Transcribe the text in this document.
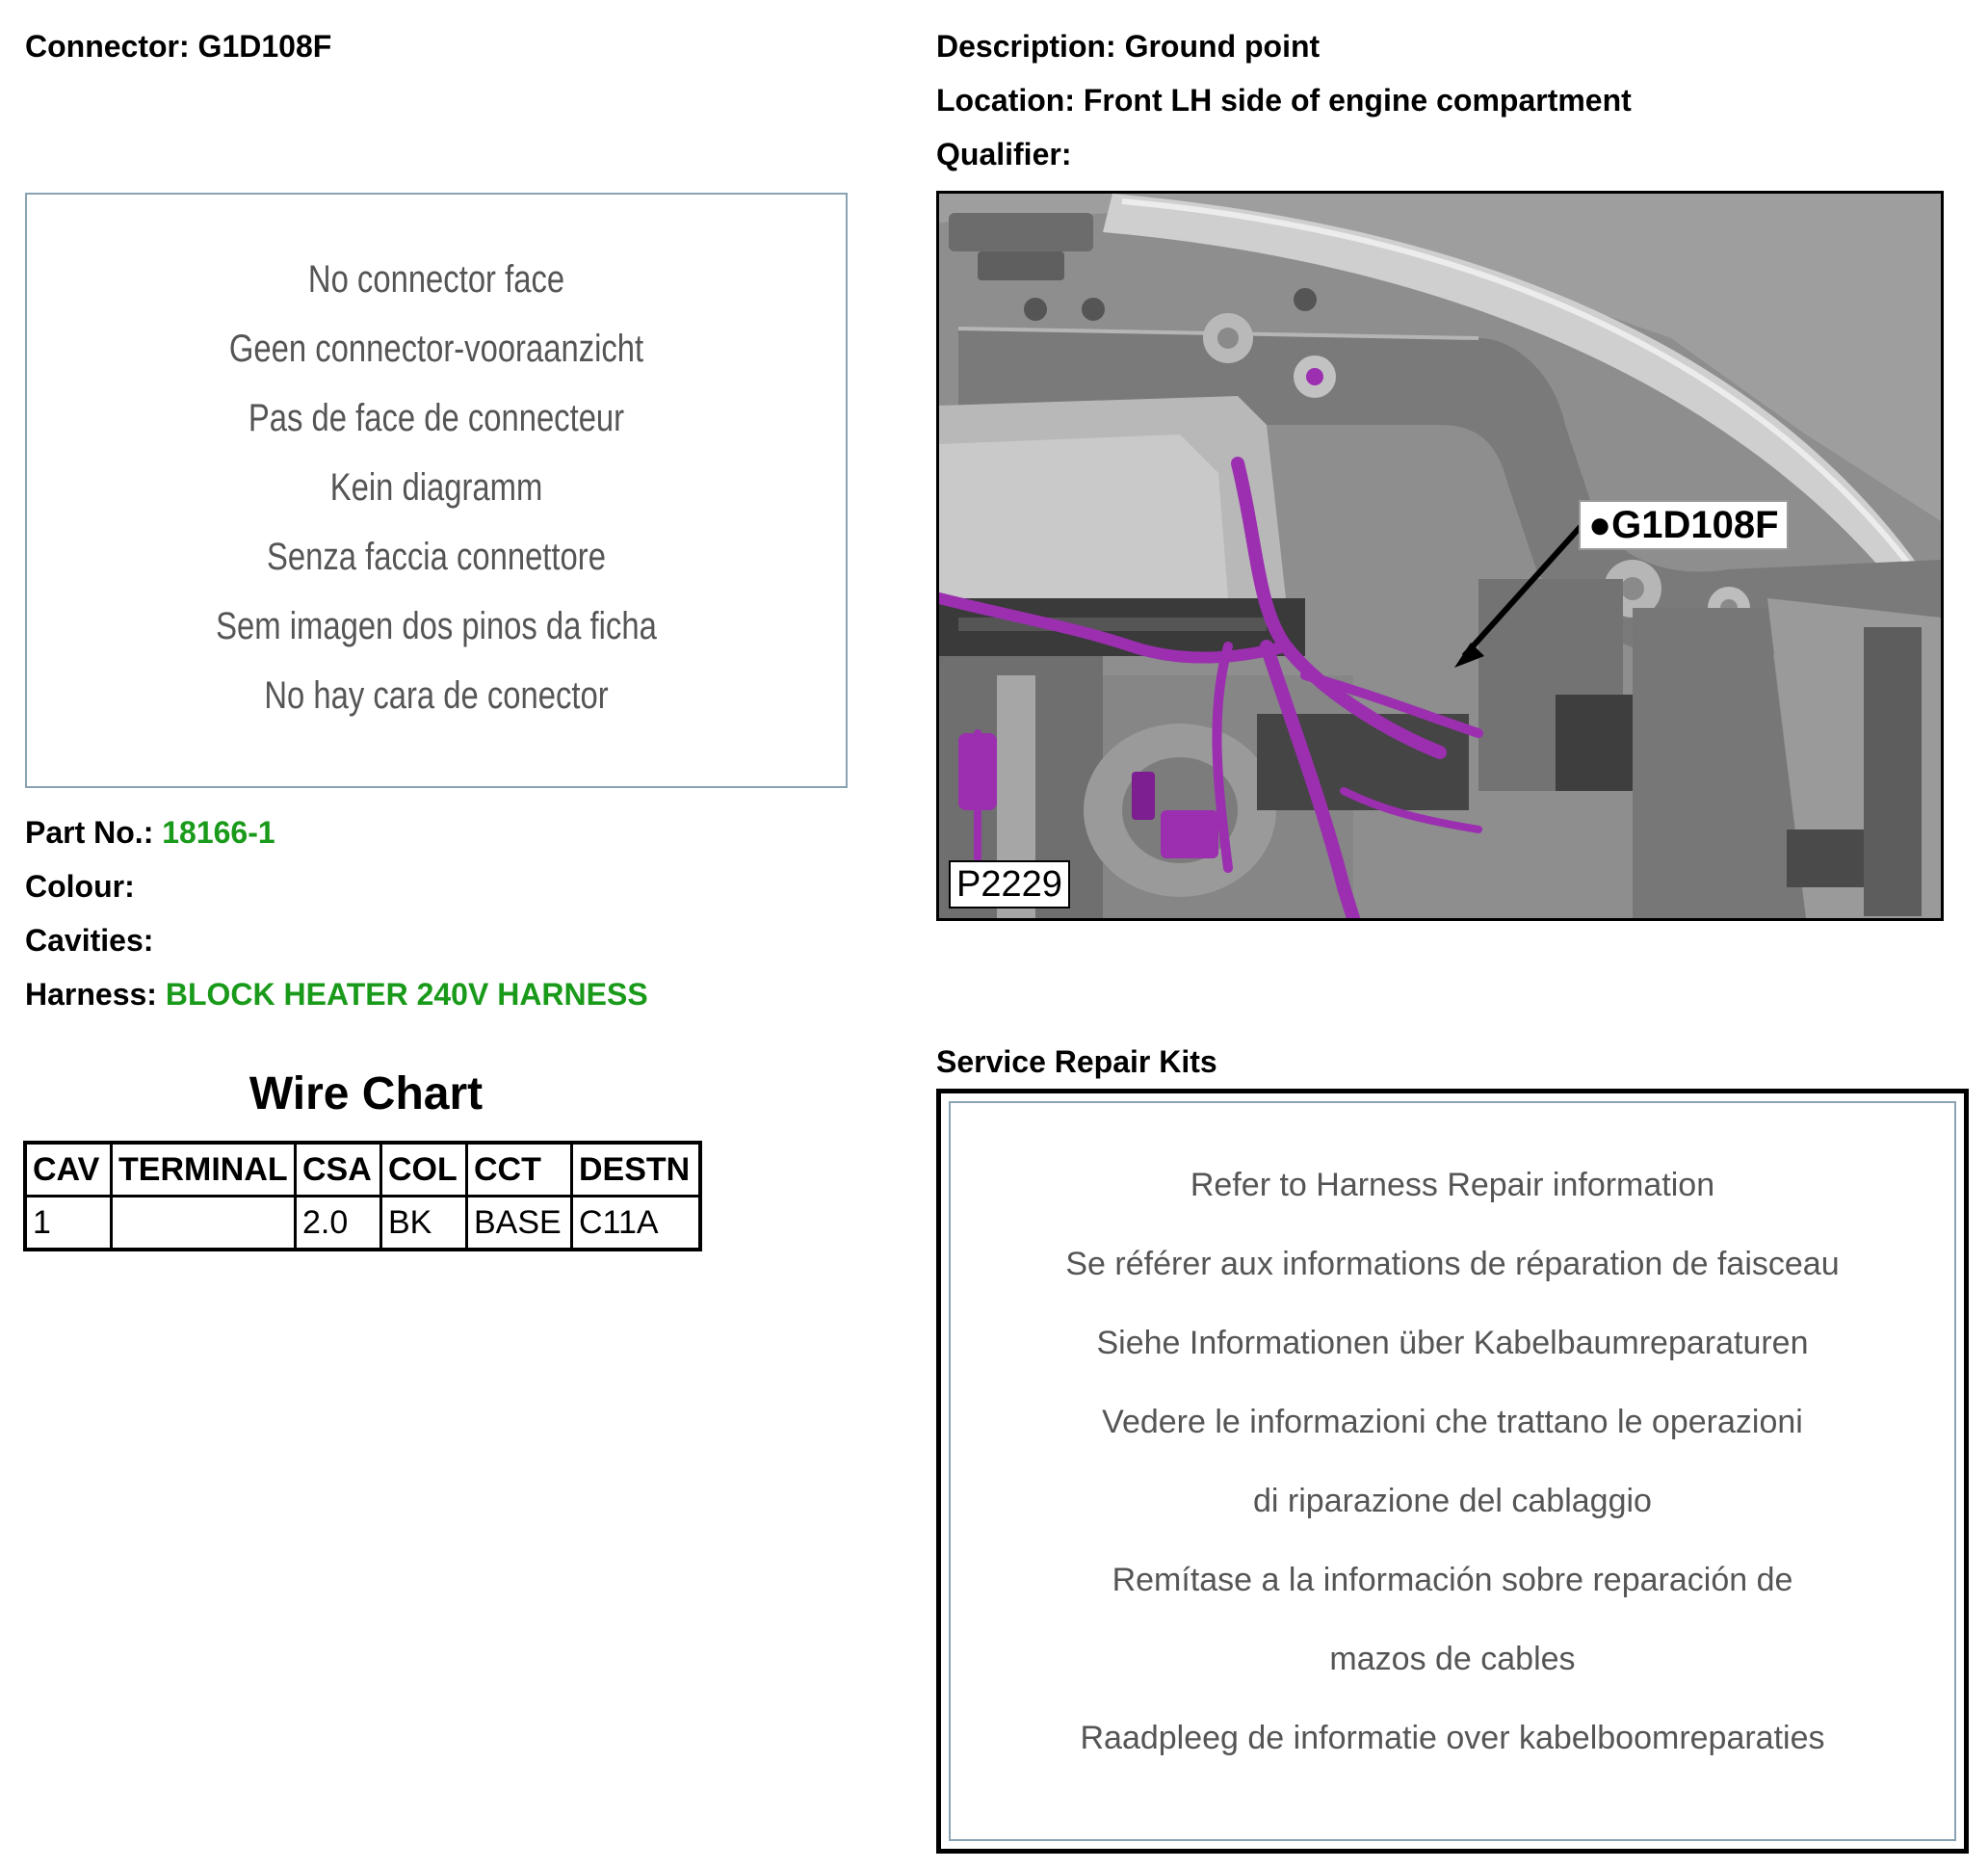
Connector: G1D108F	Description: Ground point
Location: Front LH side of engine compartment
Qualifier:
No connector face
Geen connector-vooraanzicht
Pas de face de connecteur
Kein diagramm
Senza faccia connettore
Sem imagen dos pinos da ficha
No hay cara de conector
Part No.: 18166-1
Colour:
Cavities:
Harness: BLOCK HEATER 240V HARNESS
●G1D108F
P2229
Wire Chart
CAV	TERMINAL	CSA	COL	CCT	DESTN
1		2.0	BK	BASE	C11A
Service Repair Kits
Refer to Harness Repair information
Se référer aux informations de réparation de faisceau
Siehe Informationen über Kabelbaumreparaturen
Vedere le informazioni che trattano le operazioni
di riparazione del cablaggio
Remítase a la información sobre reparación de
mazos de cables
Raadpleeg de informatie over kabelboomreparaties
